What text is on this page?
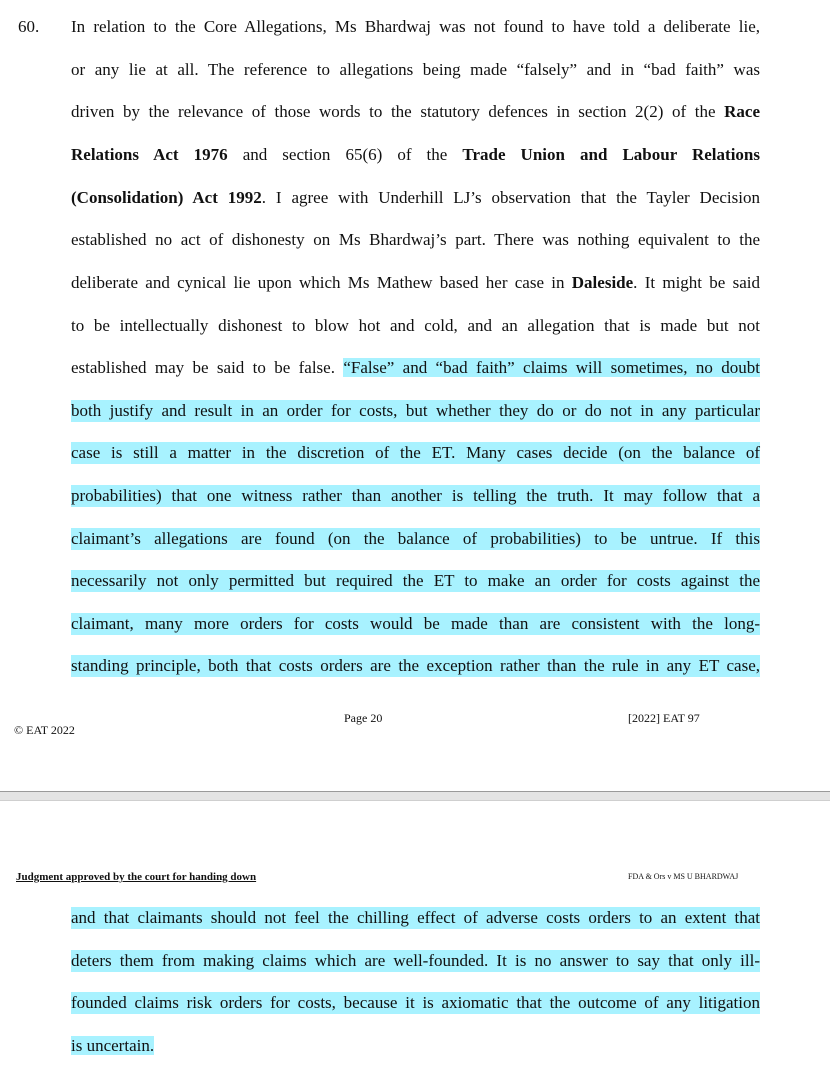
60. In relation to the Core Allegations, Ms Bhardwaj was not found to have told a deliberate lie,
or any lie at all. The reference to allegations being made “falsely” and in “bad faith” was
driven by the relevance of those words to the statutory defences in section 2(2) of the Race
Relations Act 1976 and section 65(6) of the Trade Union and Labour Relations
(Consolidation) Act 1992. I agree with Underhill LJ’s observation that the Tayler Decision
established no act of dishonesty on Ms Bhardwaj’s part. There was nothing equivalent to the
deliberate and cynical lie upon which Ms Mathew based her case in Daleside. It might be said
to be intellectually dishonest to blow hot and cold, and an allegation that is made but not
established may be said to be false. “False” and “bad faith” claims will sometimes, no doubt
both justify and result in an order for costs, but whether they do or do not in any particular
case is still a matter in the discretion of the ET. Many cases decide (on the balance of
probabilities) that one witness rather than another is telling the truth. It may follow that a
claimant’s allegations are found (on the balance of probabilities) to be untrue. If this
necessarily not only permitted but required the ET to make an order for costs against the
claimant, many more orders for costs would be made than are consistent with the long-
standing principle, both that costs orders are the exception rather than the rule in any ET case,
© EAT 2022
Page 20	[2022] EAT 97
Judgment approved by the court for handing down	FDA & Ors v MS U BHARDWAJ
and that claimants should not feel the chilling effect of adverse costs orders to an extent that
deters them from making claims which are well-founded. It is no answer to say that only ill-
founded claims risk orders for costs, because it is axiomatic that the outcome of any litigation
is uncertain.
